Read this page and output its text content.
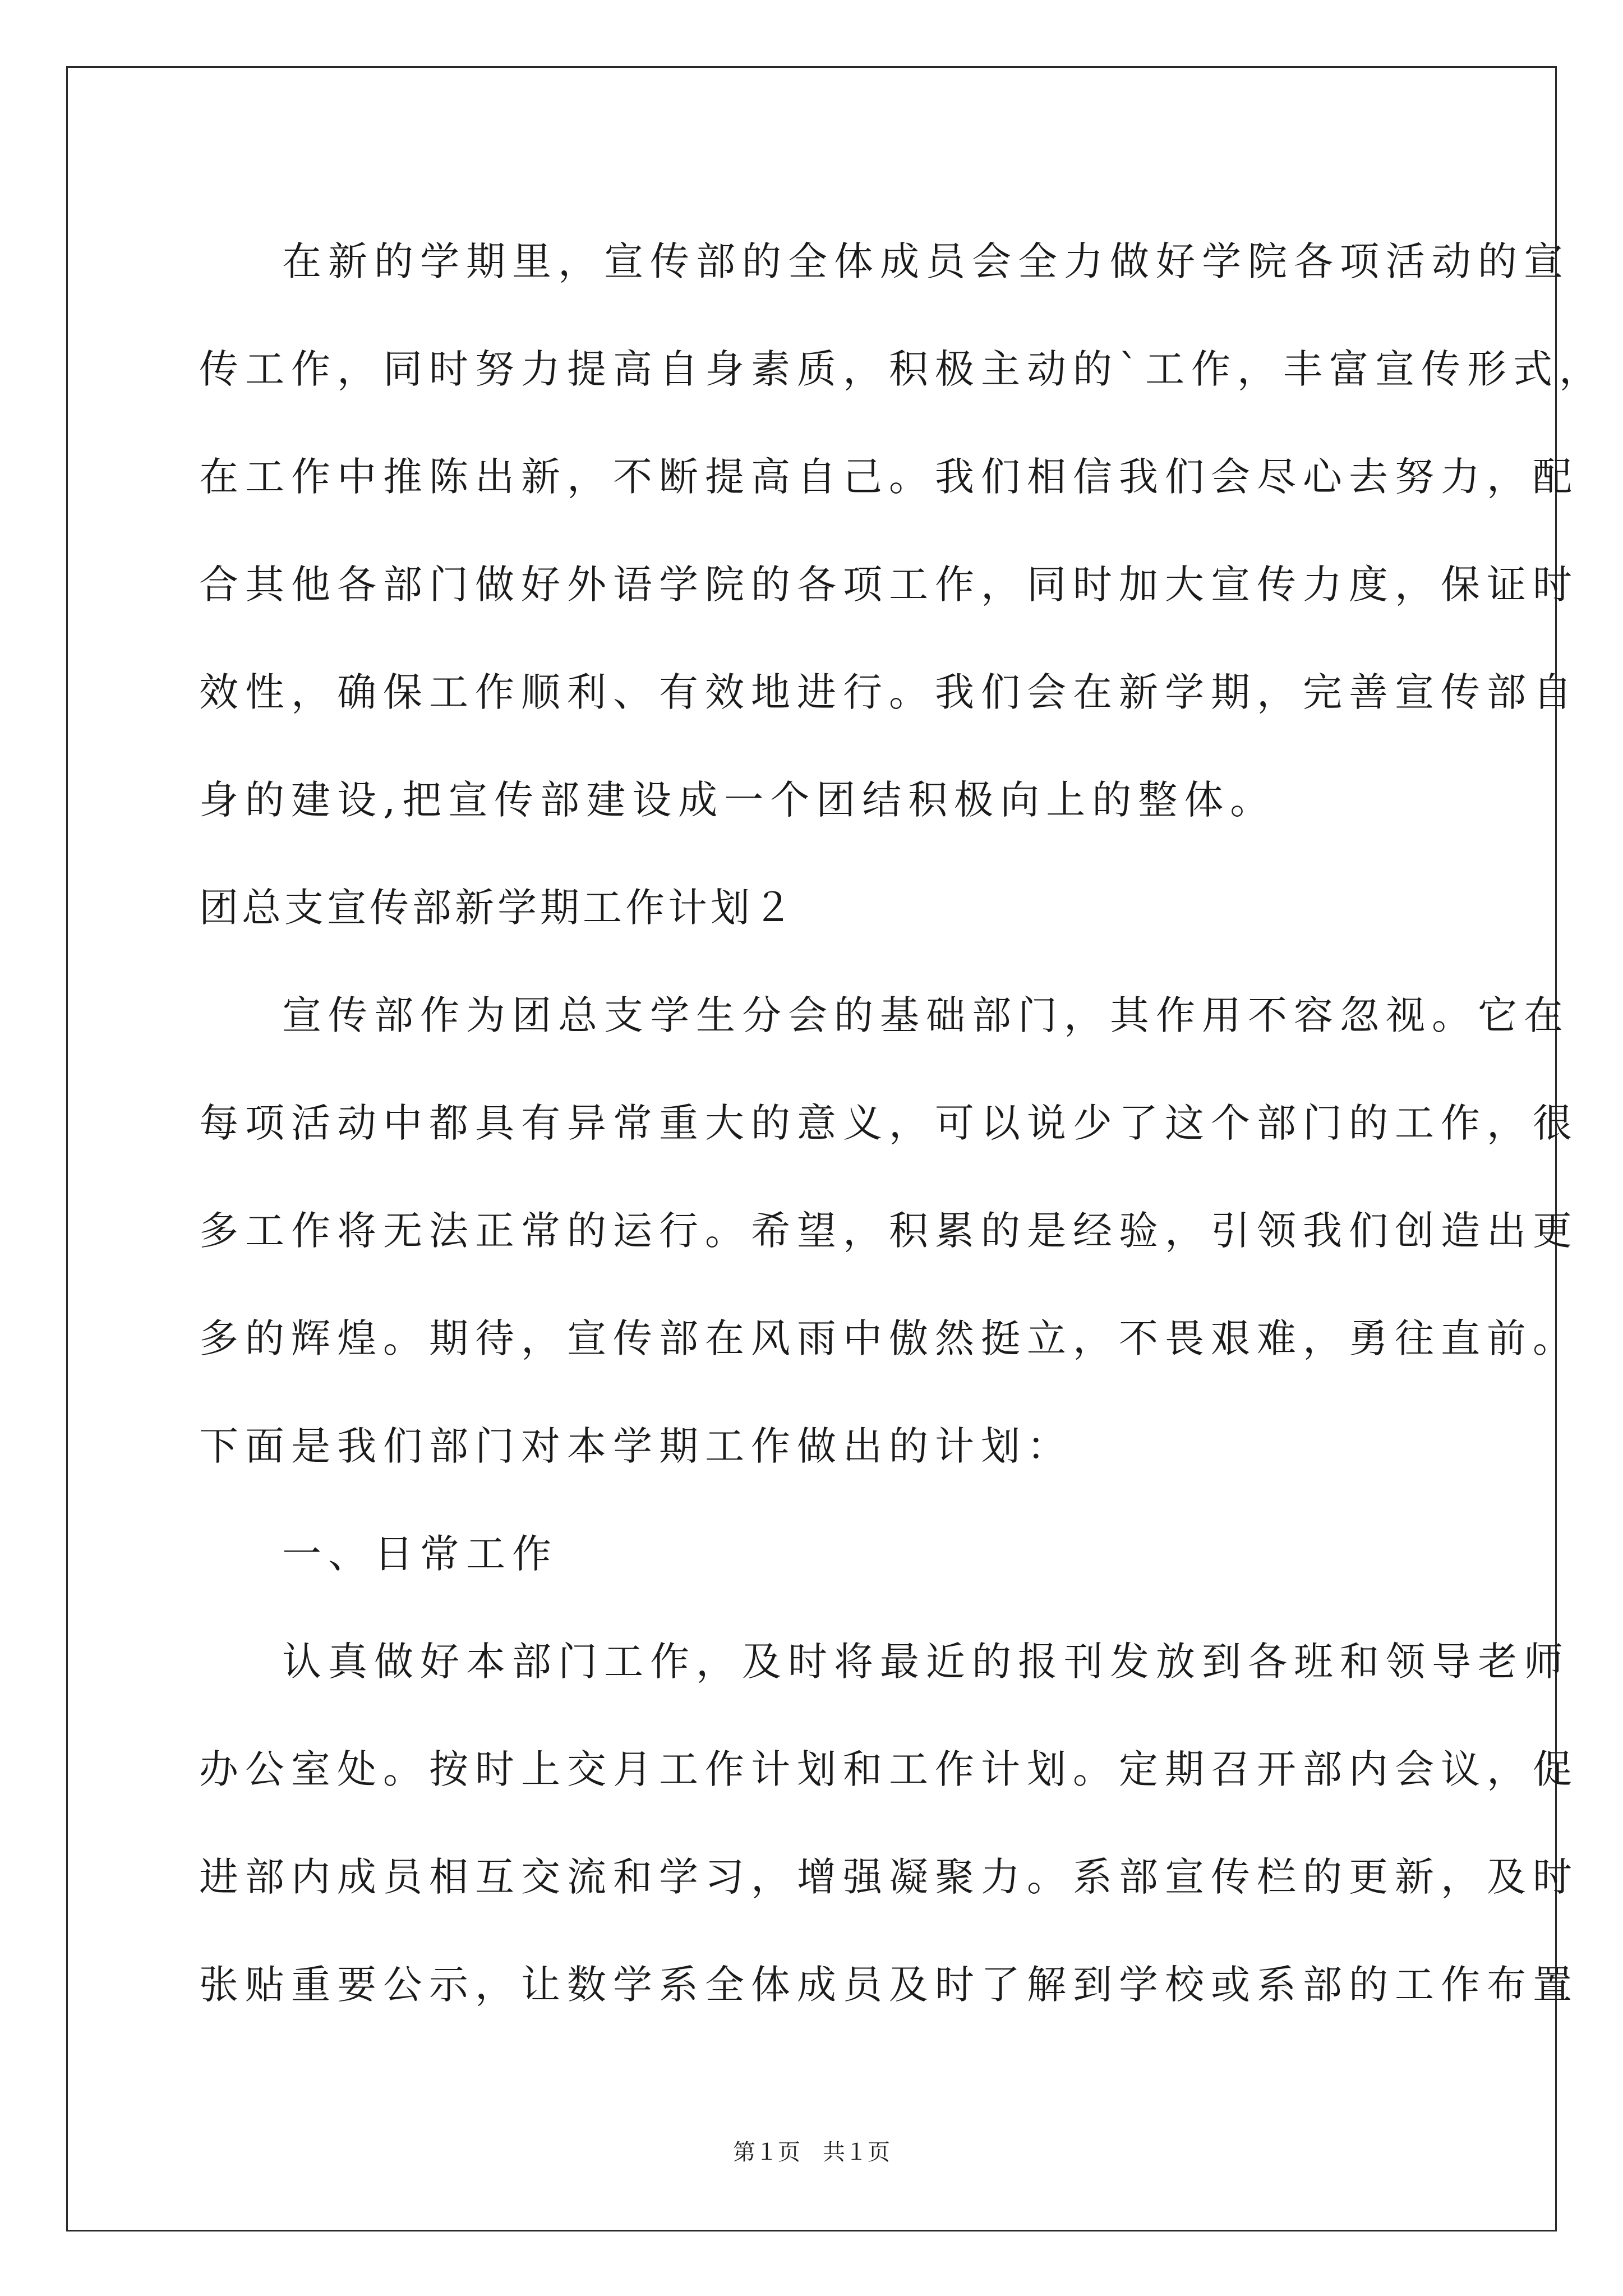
在新的学期里，宣传部的全体成员会全力做好学院各项活动的宣
传工作，同时努力提高自身素质，积极主动的`工作，丰富宣传形式，
在工作中推陈出新，不断提高自己。我们相信我们会尽心去努力，配
合其他各部门做好外语学院的各项工作，同时加大宣传力度，保证时
效性，确保工作顺利、有效地进行。我们会在新学期，完善宣传部自
身的建设,把宣传部建设成一个团结积极向上的整体。
团总支宣传部新学期工作计划２
宣传部作为团总支学生分会的基础部门，其作用不容忽视。它在
每项活动中都具有异常重大的意义，可以说少了这个部门的工作，很
多工作将无法正常的运行。希望，积累的是经验，引领我们创造出更
多的辉煌。期待，宣传部在风雨中傲然挺立，不畏艰难，勇往直前。
下面是我们部门对本学期工作做出的计划：
一、日常工作
认真做好本部门工作，及时将最近的报刊发放到各班和领导老师
办公室处。按时上交月工作计划和工作计划。定期召开部内会议，促
进部内成员相互交流和学习，增强凝聚力。系部宣传栏的更新，及时
张贴重要公示，让数学系全体成员及时了解到学校或系部的工作布置
第１页　共１页
